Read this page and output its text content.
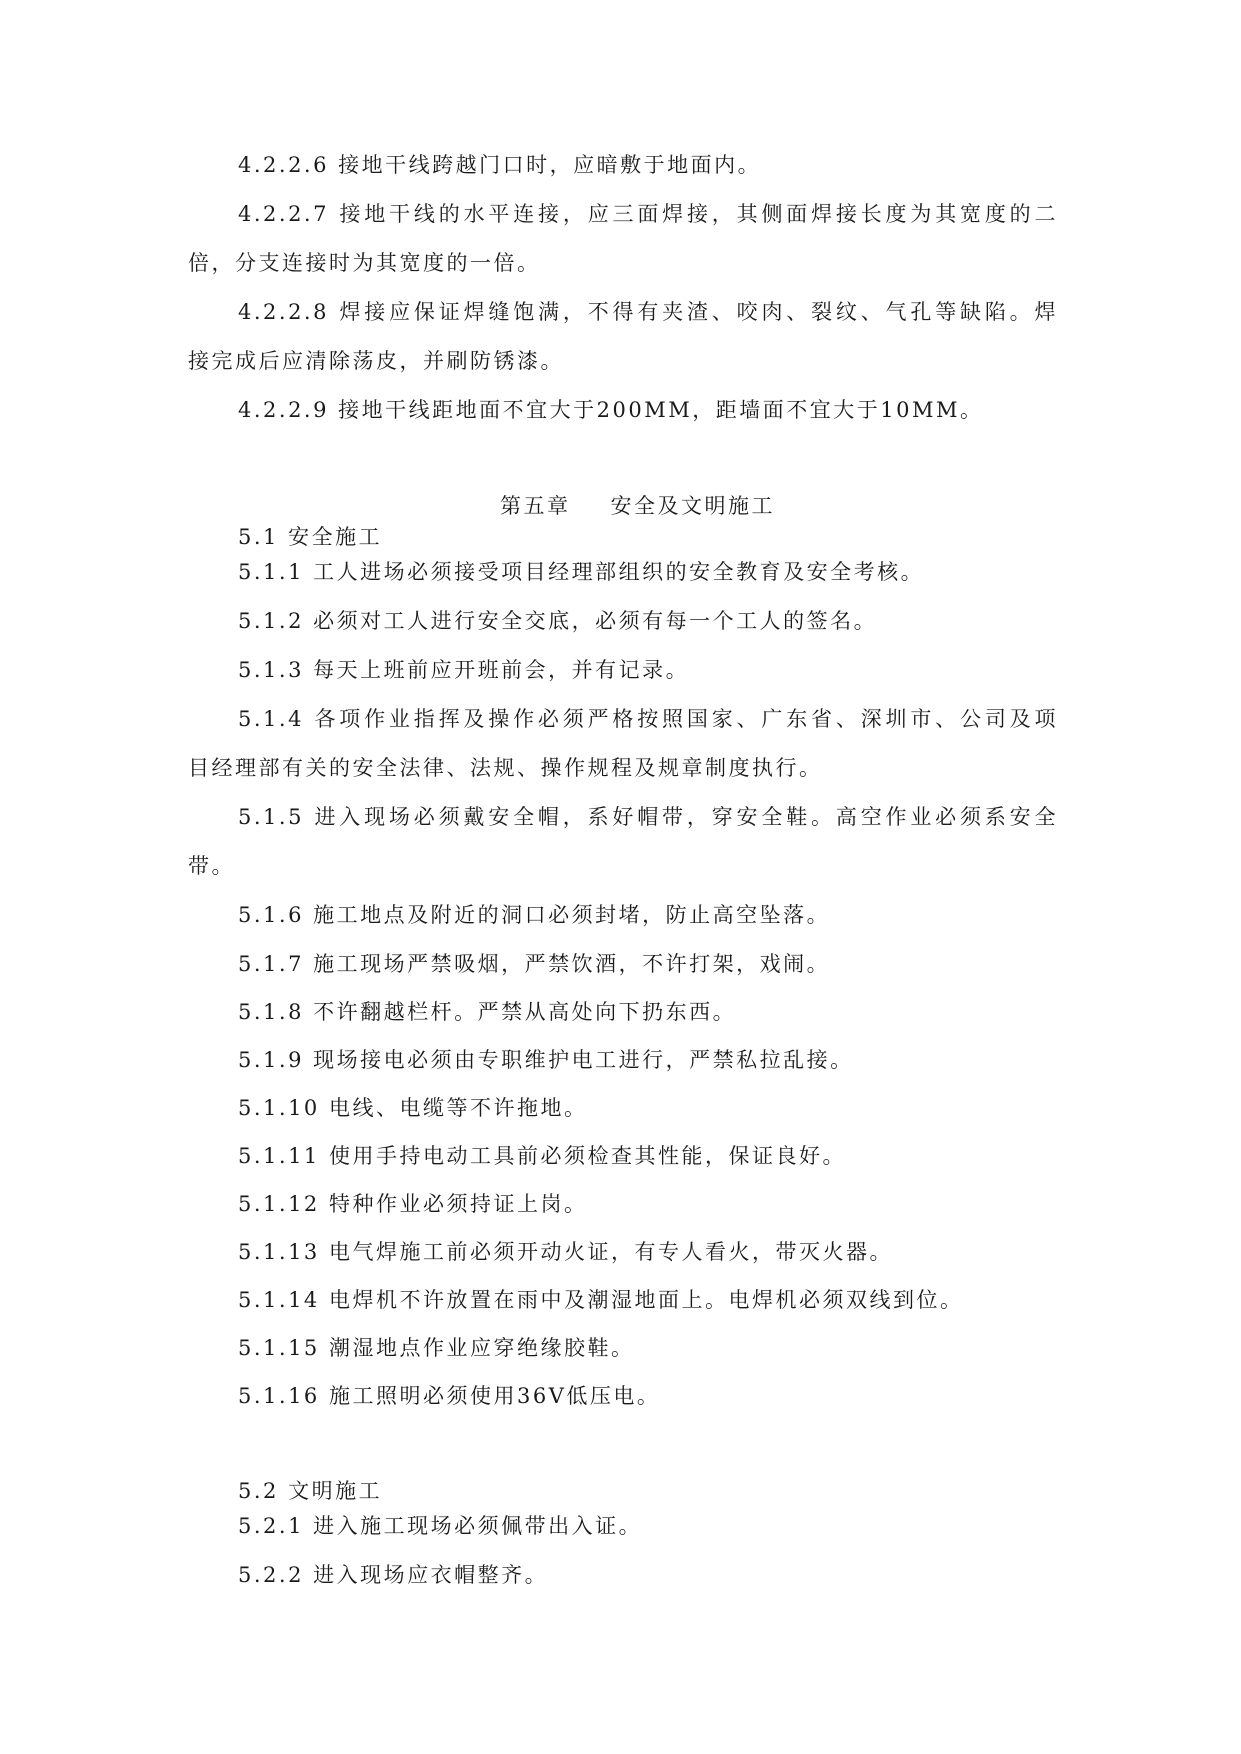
4.2.2.6 接地干线跨越门口时，应暗敷于地面内。
4.2.2.7 接地干线的水平连接，应三面焊接，其侧面焊接长度为其宽度的二
倍，分支连接时为其宽度的一倍。
4.2.2.8 焊接应保证焊缝饱满，不得有夹渣、咬肉、裂纹、气孔等缺陷。焊
接完成后应清除荡皮，并刷防锈漆。
4.2.2.9 接地干线距地面不宜大于200MM，距墙面不宜大于10MM。
第五章 安全及文明施工
5.1 安全施工
5.1.1 工人进场必须接受项目经理部组织的安全教育及安全考核。
5.1.2 必须对工人进行安全交底，必须有每一个工人的签名。
5.1.3 每天上班前应开班前会，并有记录。
5.1.4 各项作业指挥及操作必须严格按照国家、广东省、深圳市、公司及项
目经理部有关的安全法律、法规、操作规程及规章制度执行。
5.1.5 进入现场必须戴安全帽，系好帽带，穿安全鞋。高空作业必须系安全
带。
5.1.6 施工地点及附近的洞口必须封堵，防止高空坠落。
5.1.7 施工现场严禁吸烟，严禁饮酒，不许打架，戏闹。
5.1.8 不许翻越栏杆。严禁从高处向下扔东西。
5.1.9 现场接电必须由专职维护电工进行，严禁私拉乱接。
5.1.10 电线、电缆等不许拖地。
5.1.11 使用手持电动工具前必须检查其性能，保证良好。
5.1.12 特种作业必须持证上岗。
5.1.13 电气焊施工前必须开动火证，有专人看火，带灭火器。
5.1.14 电焊机不许放置在雨中及潮湿地面上。电焊机必须双线到位。
5.1.15 潮湿地点作业应穿绝缘胶鞋。
5.1.16 施工照明必须使用36V低压电。
5.2 文明施工
5.2.1 进入施工现场必须佩带出入证。
5.2.2 进入现场应衣帽整齐。
